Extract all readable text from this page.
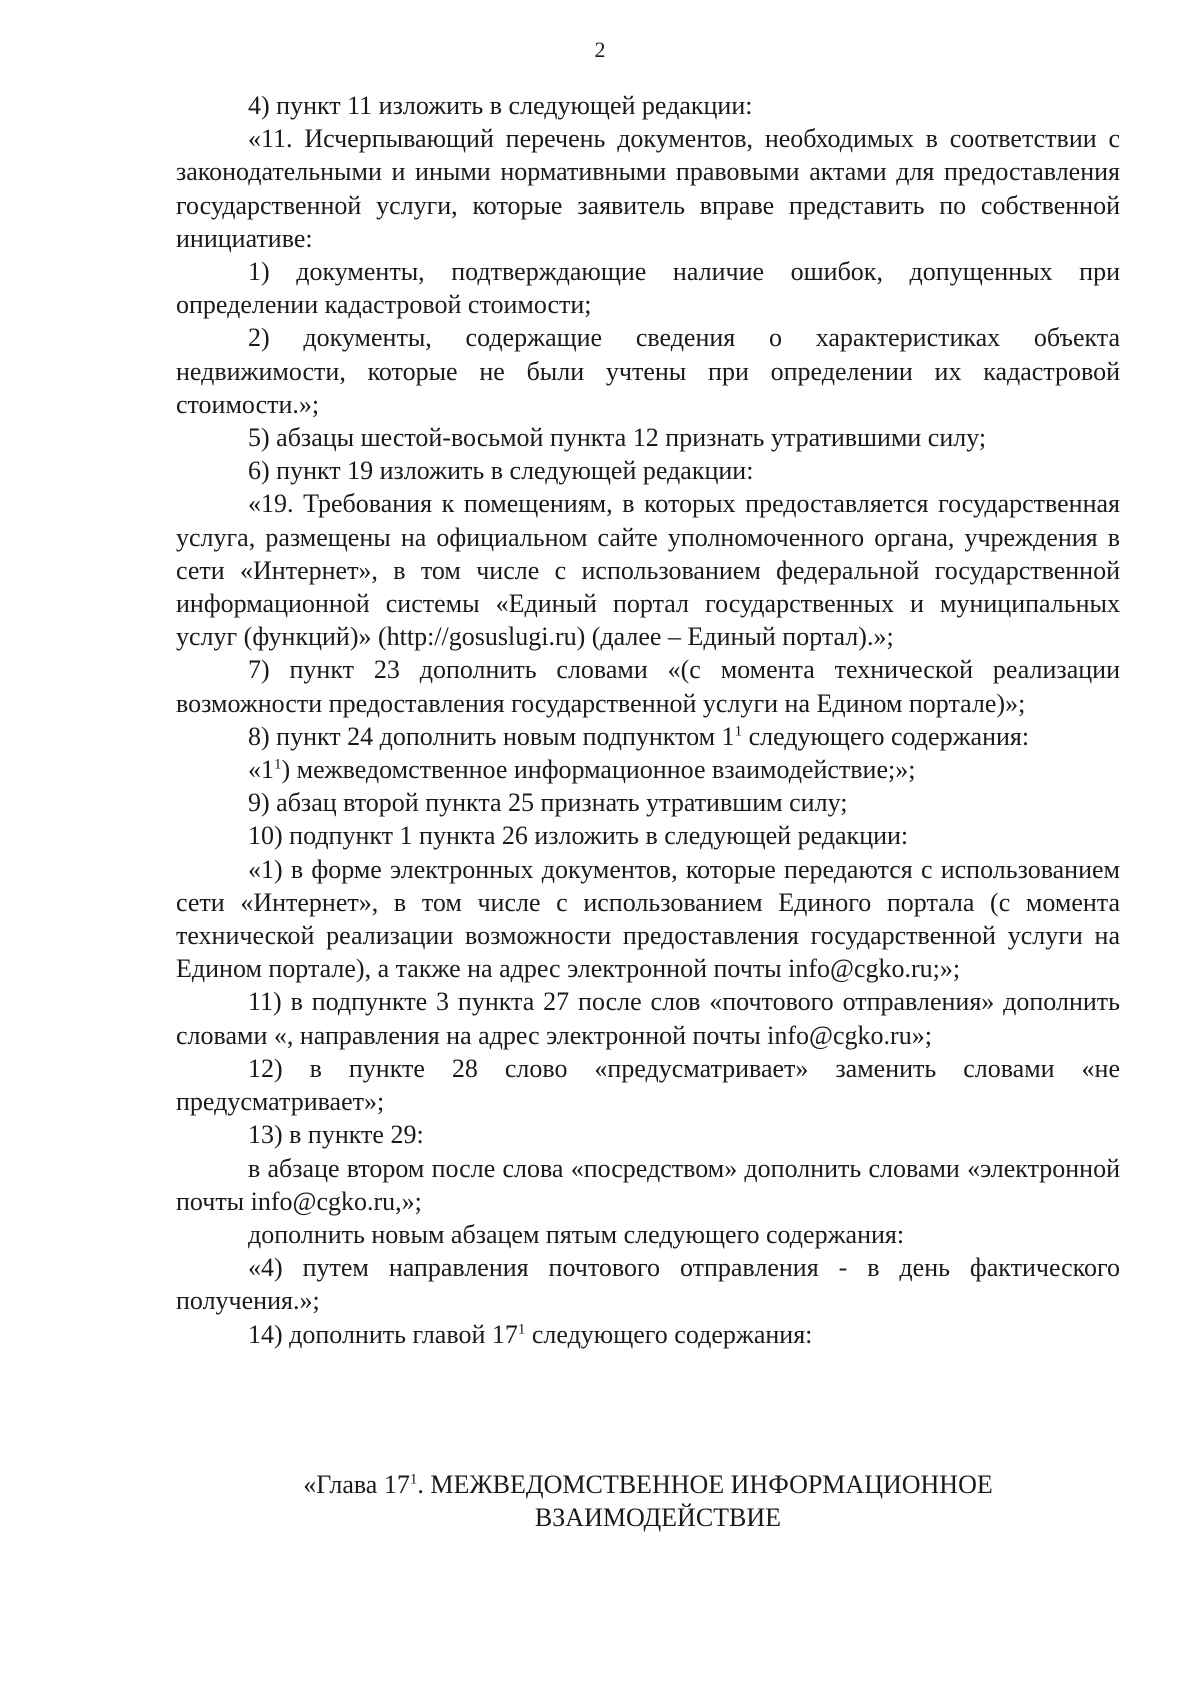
2

4) пункт 11 изложить в следующей редакции:

«11. Исчерпывающий перечень документов, необходимых в соответствии с законодательными и иными нормативными правовыми актами для предоставления государственной услуги, которые заявитель вправе представить по собственной инициативе:

1) документы, подтверждающие наличие ошибок, допущенных при определении кадастровой стоимости;

2) документы, содержащие сведения о характеристиках объекта недвижимости, которые не были учтены при определении их кадастровой стоимости.»;

5) абзацы шестой-восьмой пункта 12 признать утратившими силу;

6) пункт 19 изложить в следующей редакции:

«19. Требования к помещениям, в которых предоставляется государственная услуга, размещены на официальном сайте уполномоченного органа, учреждения в сети «Интернет», в том числе с использованием федеральной государственной информационной системы «Единый портал государственных и муниципальных услуг (функций)» (http://gosuslugi.ru) (далее – Единый портал).»;

7) пункт 23 дополнить словами «(с момента технической реализации возможности предоставления государственной услуги на Едином портале)»;

8) пункт 24 дополнить новым подпунктом $1^1$ следующего содержания:

«$1^1$) межведомственное информационное взаимодействие;»;

9) абзац второй пункта 25 признать утратившим силу;

10) подпункт 1 пункта 26 изложить в следующей редакции:

«1) в форме электронных документов, которые передаются с использованием сети «Интернет», в том числе с использованием Единого портала (с момента технической реализации возможности предоставления государственной услуги на Едином портале), а также на адрес электронной почты info@cgko.ru;»;

11) в подпункте 3 пункта 27 после слов «почтового отправления» дополнить словами «, направления на адрес электронной почты info@cgko.ru»;

12) в пункте 28 слово «предусматривает» заменить словами «не предусматривает»;

13) в пункте 29:

в абзаце втором после слова «посредством» дополнить словами «электронной почты info@cgko.ru,»;

дополнить новым абзацем пятым следующего содержания:

«4) путем направления почтового отправления - в день фактического получения.»;

14) дополнить главой $17^1$ следующего содержания:

«Глава $17^1$. МЕЖВЕДОМСТВЕННОЕ ИНФОРМАЦИОННОЕ
ВЗАИМОДЕЙСТВИЕ
